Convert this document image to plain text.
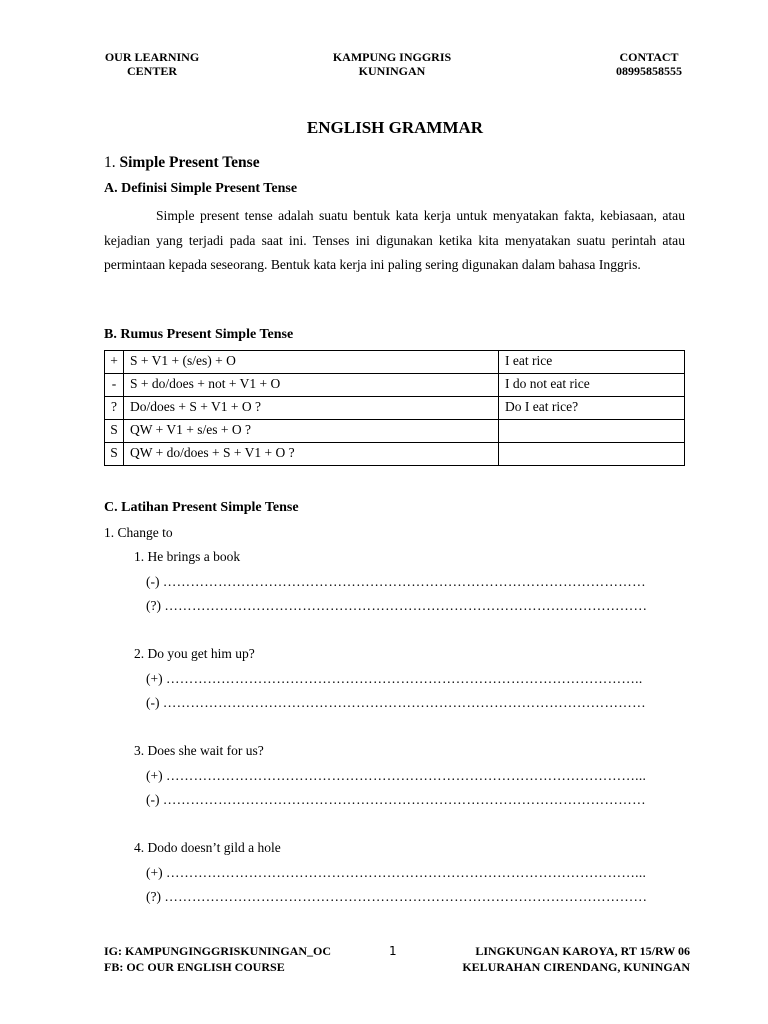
OUR LEARNING
CENTER
KAMPUNG INGGRIS
KUNINGAN
CONTACT
08995858555
ENGLISH GRAMMAR
1. Simple Present Tense
A. Definisi Simple Present Tense

Simple present tense adalah suatu bentuk kata kerja untuk menyatakan fakta, kebiasaan, atau kejadian yang terjadi pada saat ini. Tenses ini digunakan ketika kita menyatakan suatu perintah atau permintaan kepada seseorang. Bentuk kata kerja ini paling sering digunakan dalam bahasa Inggris.

B. Rumus Present Simple Tense
+	S + V1 + (s/es) + O	I eat rice
-	S + do/does + not + V1 + O	I do not eat rice
?	Do/does + S + V1 + O ?	Do I eat rice?
S	QW + V1 + s/es + O ?	
S	QW + do/does + S + V1 + O ?	
C. Latihan Present Simple Tense
1. Change to
1. He brings a book
(-) ……………………………………………………………………………………………
(?) ……………………………………………………………………………………………
2. Do you get him up?
(+) …………………………………………………………………………………………..
(-) ……………………………………………………………………………………………
3. Does she wait for us?
(+) …………………………………………………………………………………………...
(-) ……………………………………………………………………………………………
4. Dodo doesn’t gild a hole
(+) …………………………………………………………………………………………...
(?) ……………………………………………………………………………………………
IG: KAMPUNGINGGRISKUNINGAN_OC
FB: OC OUR ENGLISH COURSE
1	LINGKUNGAN KAROYA, RT 15/RW 06
KELURAHAN CIRENDANG, KUNINGAN
